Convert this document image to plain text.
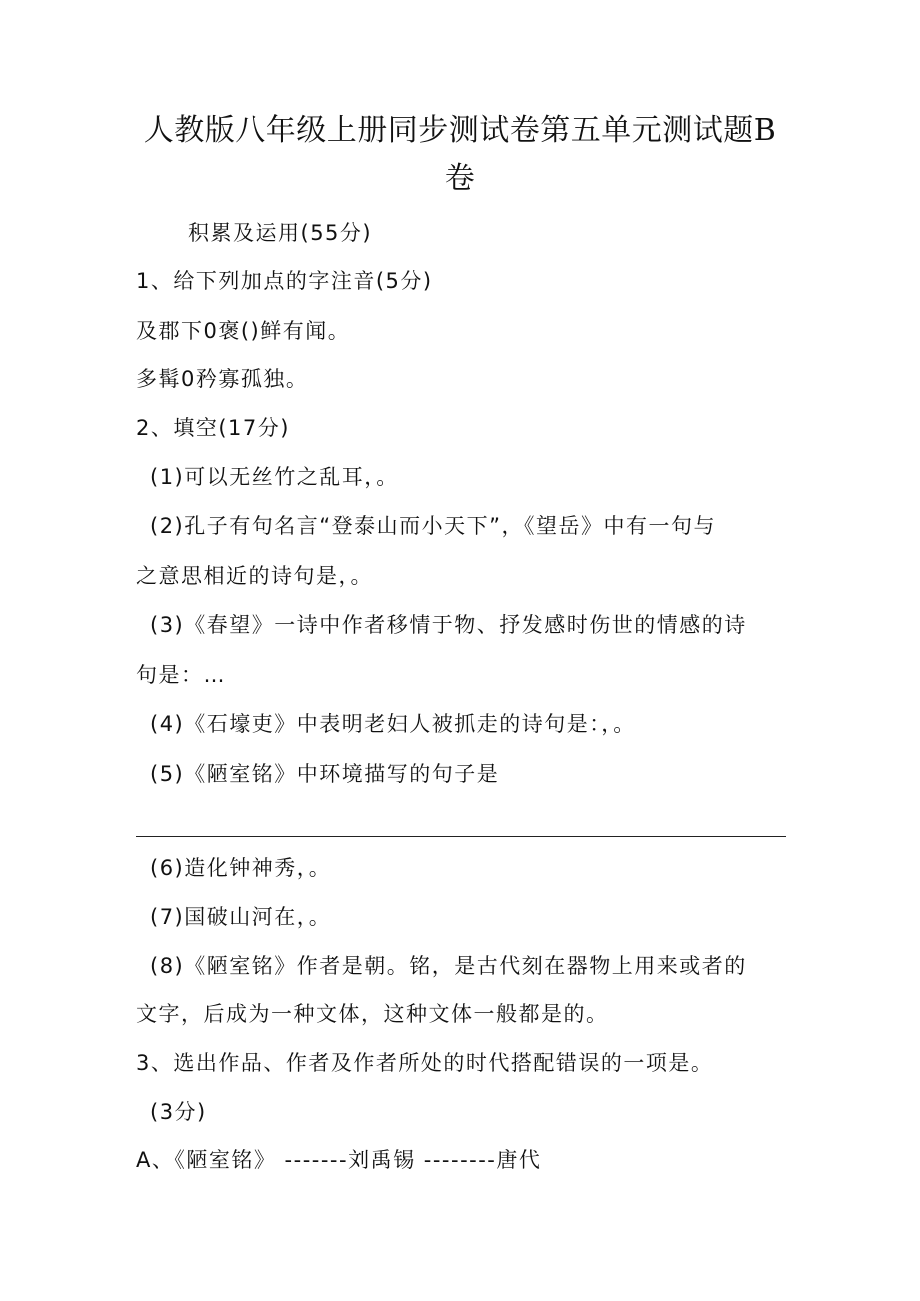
人教版八年级上册同步测试卷第五单元测试题B
卷
积累及运用(55分)
1、给下列加点的字注音(5分)
及郡下0褒()鲜有闻。
多髯0矜寡孤独。
2、填空(17分)
(1)可以无丝竹之乱耳，。
(2)孔子有句名言“登泰山而小天下”，《望岳》中有一句与
之意思相近的诗句是，。
(3)《春望》一诗中作者移情于物、抒发感时伤世的情感的诗
句是：…
(4)《石壕吏》中表明老妇人被抓走的诗句是：，。
(5)《陋室铭》中环境描写的句子是
(6)造化钟神秀，。
(7)国破山河在，。
(8)《陋室铭》作者是朝。铭，是古代刻在器物上用来或者的
文字，后成为一种文体，这种文体一般都是的。
3、选出作品、作者及作者所处的时代搭配错误的一项是。
(3分)
A、《陋室铭》 -------刘禹锡 --------唐代
